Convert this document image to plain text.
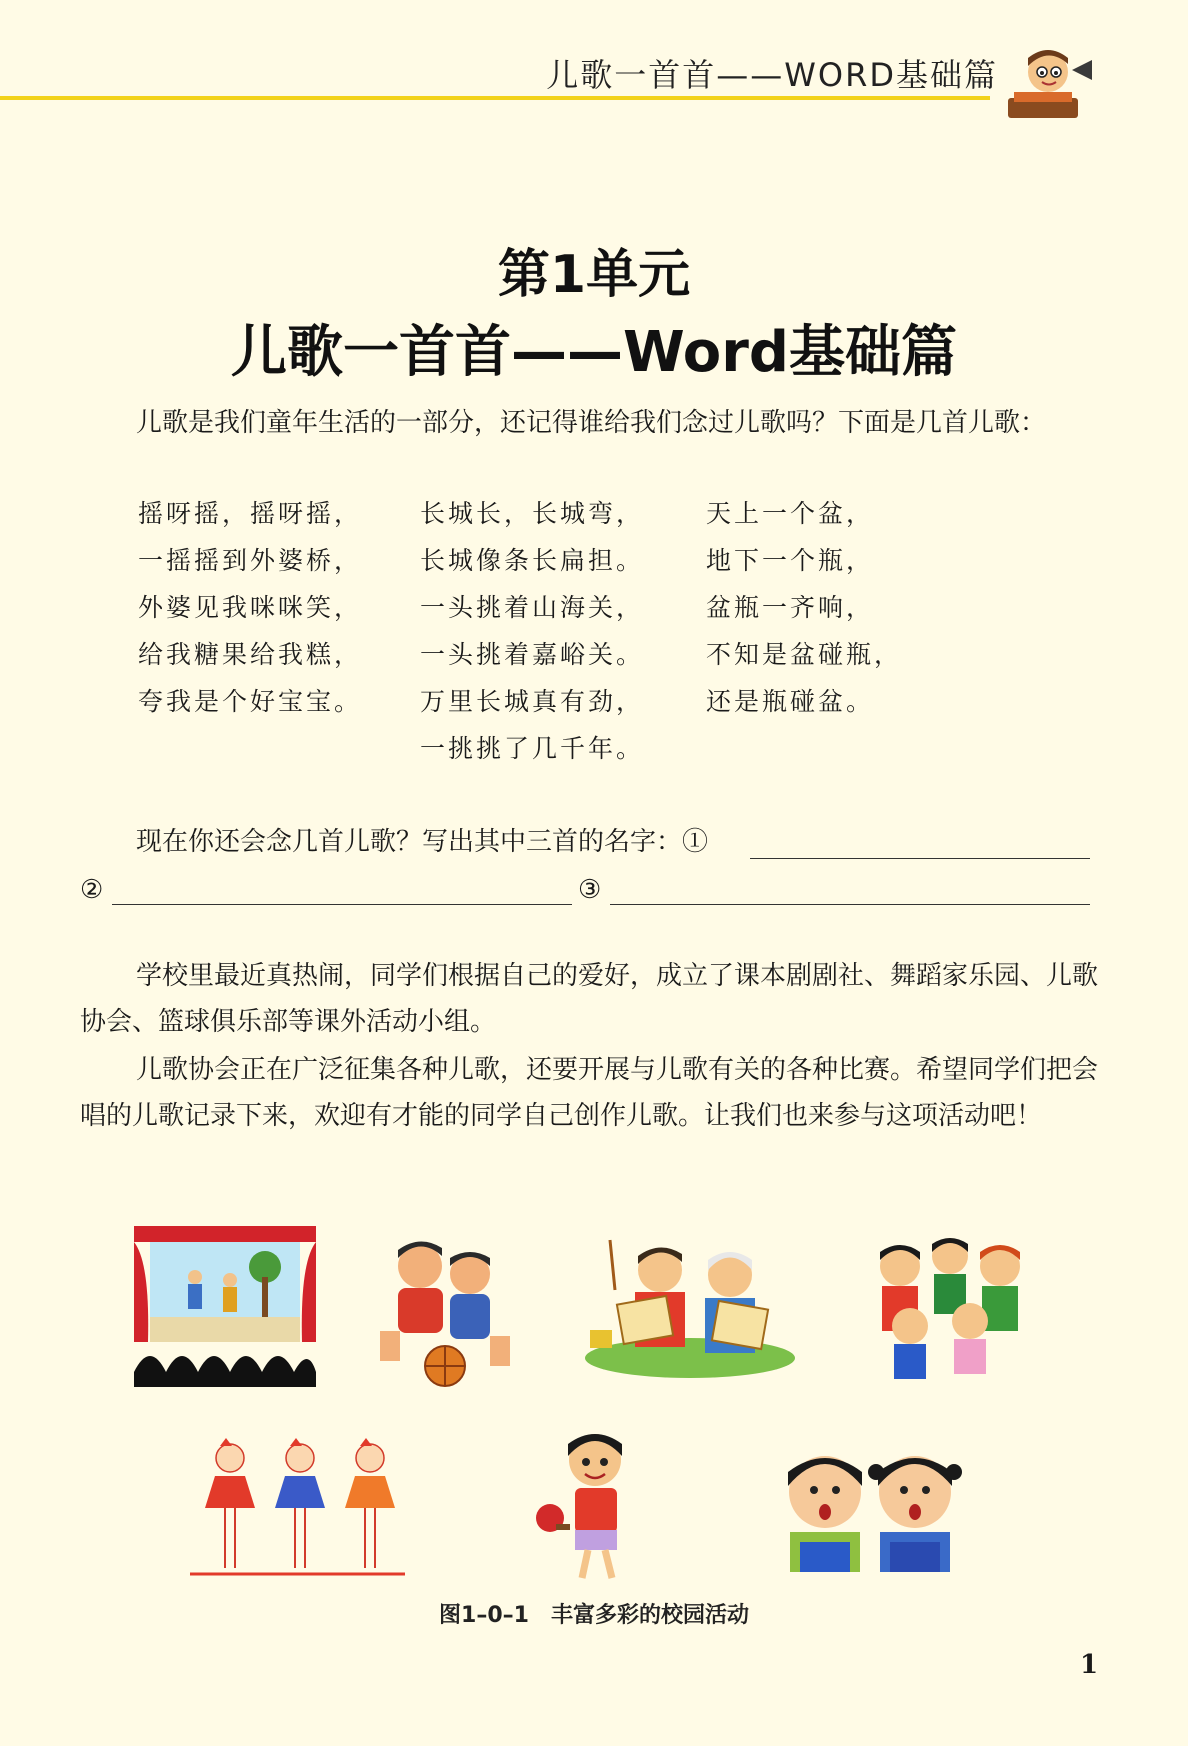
儿歌一首首——WORD基础篇
第1单元
儿歌一首首——Word基础篇
儿歌是我们童年生活的一部分，还记得谁给我们念过儿歌吗？下面是几首儿歌：
摇呀摇，摇呀摇，
一摇摇到外婆桥，
外婆见我咪咪笑，
给我糖果给我糕，
夸我是个好宝宝。
长城长，长城弯，
长城像条长扁担。
一头挑着山海关，
一头挑着嘉峪关。
万里长城真有劲，
一挑挑了几千年。
天上一个盆，
地下一个瓶，
盆瓶一齐响，
不知是盆碰瓶，
还是瓶碰盆。
现在你还会念几首儿歌？写出其中三首的名字：①
②	③
学校里最近真热闹，同学们根据自己的爱好，成立了课本剧剧社、舞蹈家乐园、儿歌协会、篮球俱乐部等课外活动小组。
儿歌协会正在广泛征集各种儿歌，还要开展与儿歌有关的各种比赛。希望同学们把会唱的儿歌记录下来，欢迎有才能的同学自己创作儿歌。让我们也来参与这项活动吧！
图1–0–1　丰富多彩的校园活动
1
